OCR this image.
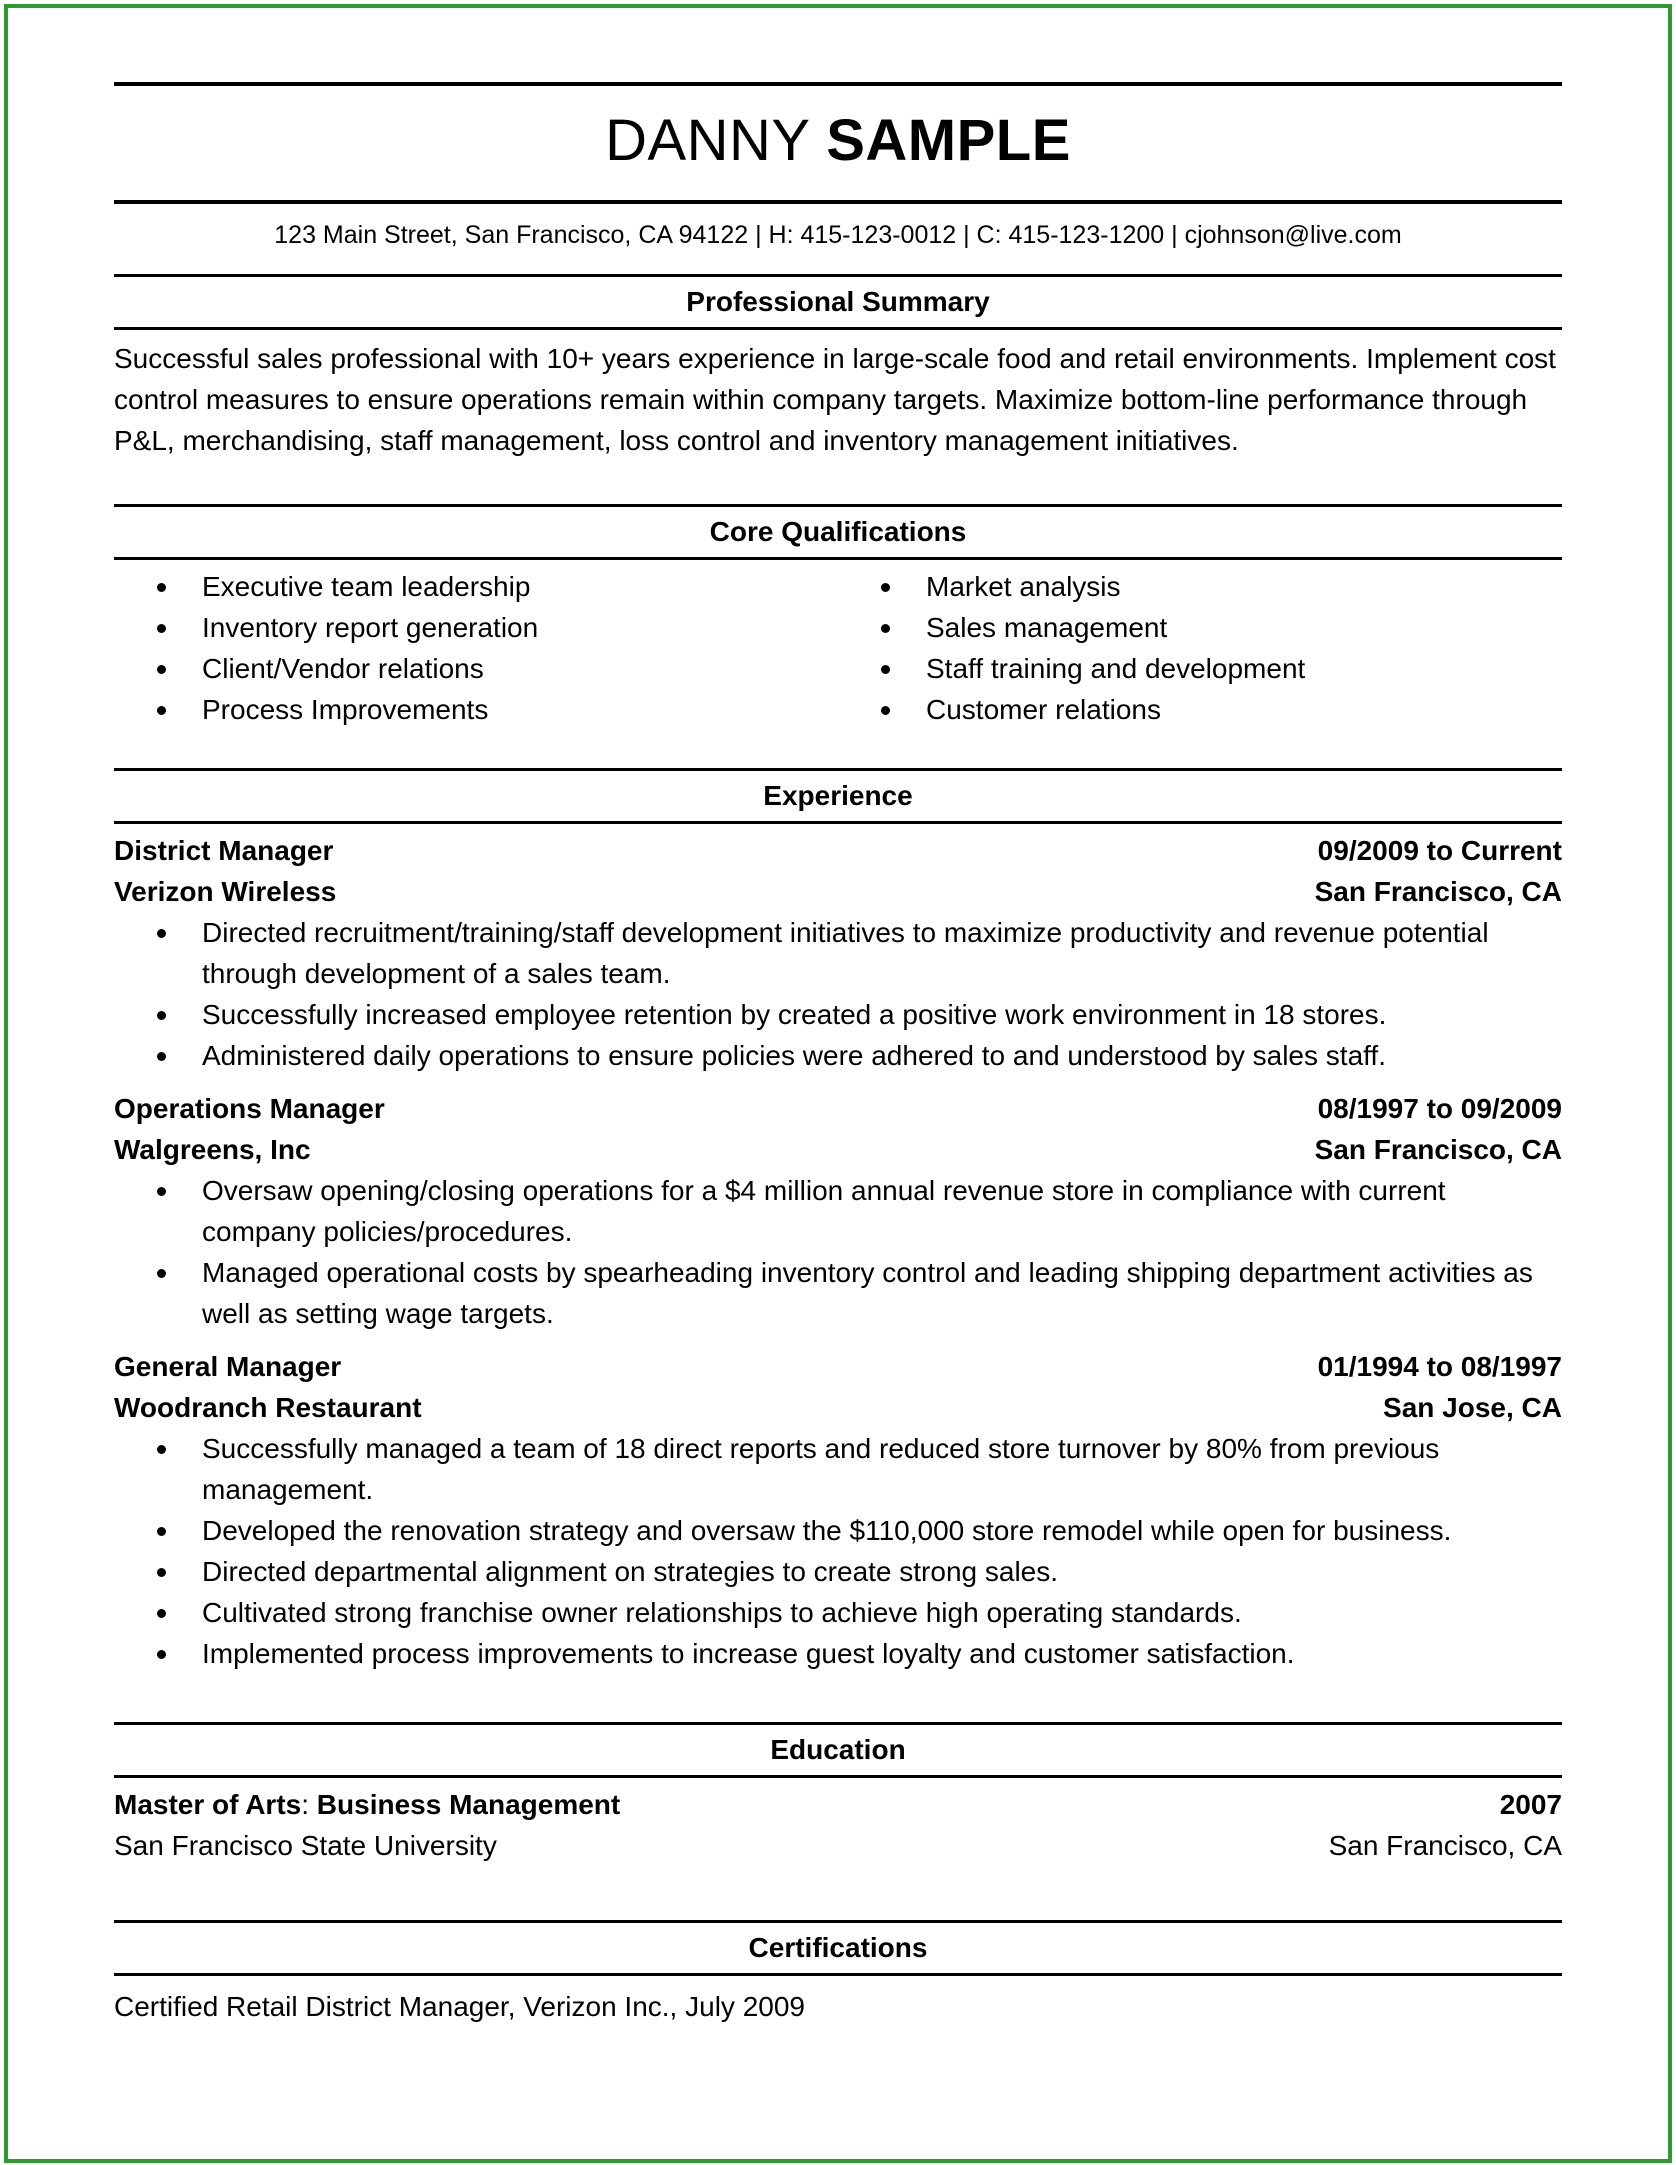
DANNY SAMPLE
123 Main Street, San Francisco, CA 94122 | H: 415-123-0012 | C: 415-123-1200 | cjohnson@live.com
Professional Summary
Successful sales professional with 10+ years experience in large-scale food and retail environments. Implement cost control measures to ensure operations remain within company targets. Maximize bottom-line performance through P&L, merchandising, staff management, loss control and inventory management initiatives.
Core Qualifications
Executive team leadership
Inventory report generation
Client/Vendor relations
Process Improvements
Market analysis
Sales management
Staff training and development
Customer relations
Experience
District Manager	09/2009 to Current
Verizon Wireless	San Francisco, CA
Directed recruitment/training/staff development initiatives to maximize productivity and revenue potential through development of a sales team.
Successfully increased employee retention by created a positive work environment in 18 stores.
Administered daily operations to ensure policies were adhered to and understood by sales staff.
Operations Manager	08/1997 to 09/2009
Walgreens, Inc	San Francisco, CA
Oversaw opening/closing operations for a $4 million annual revenue store in compliance with current company policies/procedures.
Managed operational costs by spearheading inventory control and leading shipping department activities as well as setting wage targets.
General Manager	01/1994 to 08/1997
Woodranch Restaurant	San Jose, CA
Successfully managed a team of 18 direct reports and reduced store turnover by 80% from previous management.
Developed the renovation strategy and oversaw the $110,000 store remodel while open for business.
Directed departmental alignment on strategies to create strong sales.
Cultivated strong franchise owner relationships to achieve high operating standards.
Implemented process improvements to increase guest loyalty and customer satisfaction.
Education
Master of Arts: Business Management	2007
San Francisco State University	San Francisco, CA
Certifications
Certified Retail District Manager, Verizon Inc., July 2009
